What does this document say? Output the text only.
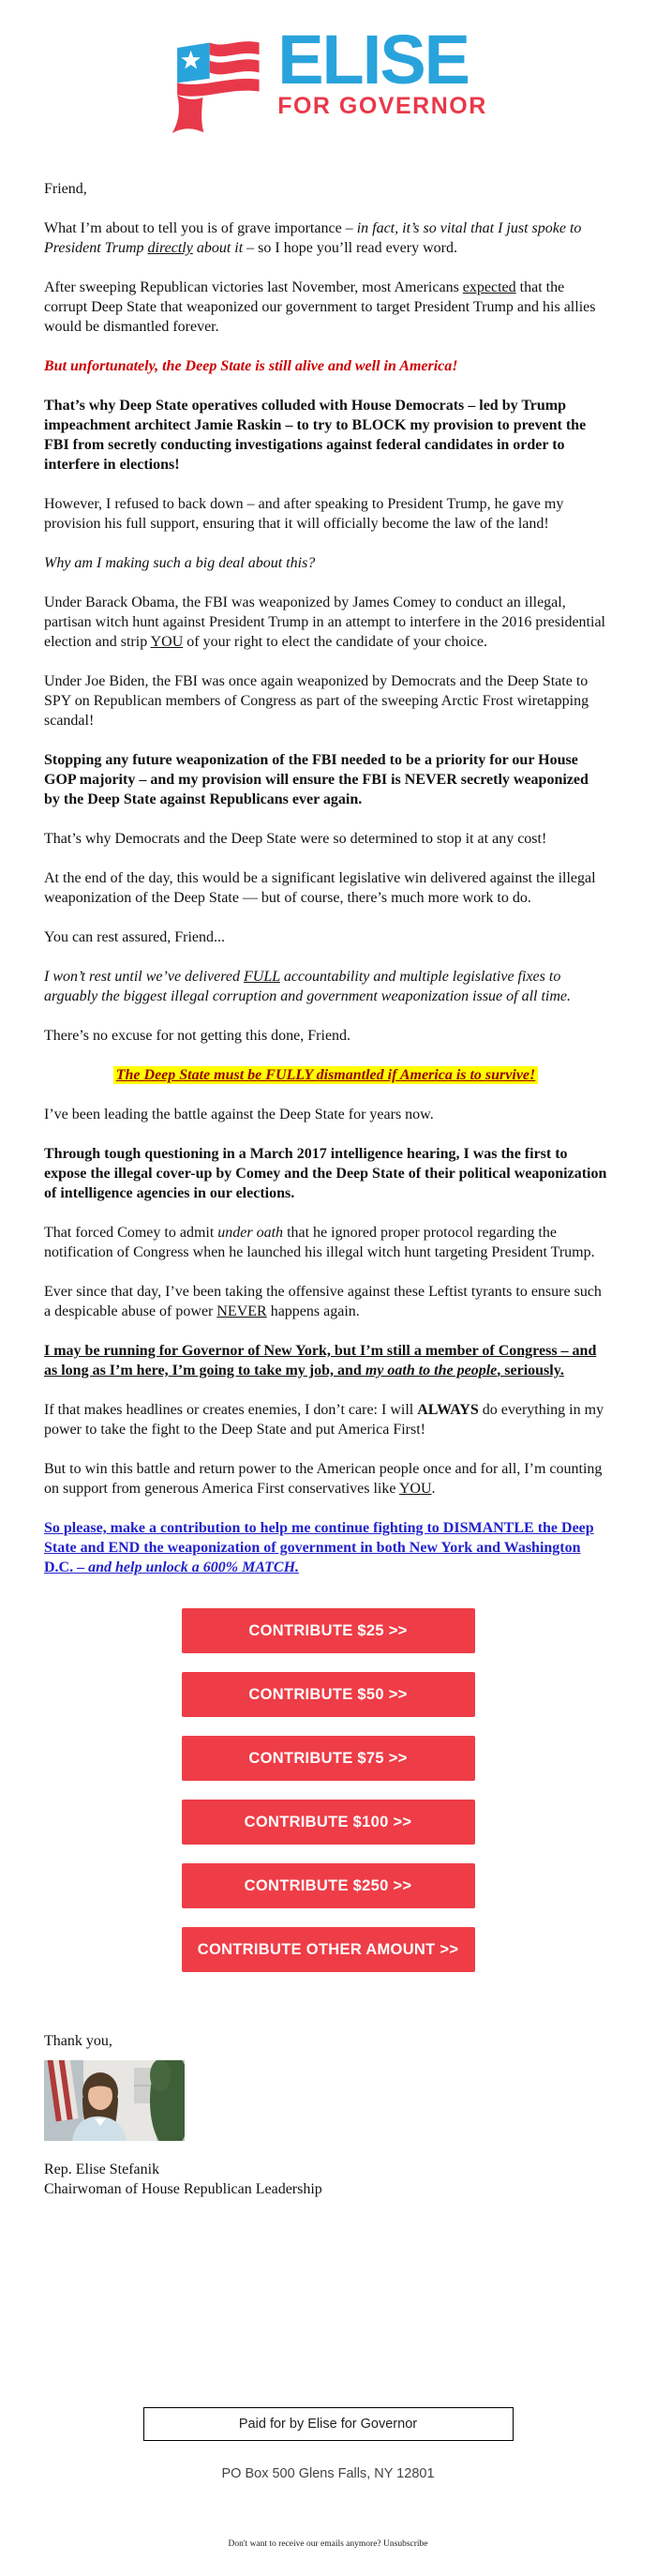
ELISE
FOR GOVERNOR

Friend,

What I’m about to tell you is of grave importance – in fact, it’s so vital that I just spoke to President Trump directly about it – so I hope you’ll read every word.

After sweeping Republican victories last November, most Americans expected that the corrupt Deep State that weaponized our government to target President Trump and his allies would be dismantled forever.

But unfortunately, the Deep State is still alive and well in America!

That’s why Deep State operatives colluded with House Democrats – led by Trump impeachment architect Jamie Raskin – to try to BLOCK my provision to prevent the FBI from secretly conducting investigations against federal candidates in order to interfere in elections!

However, I refused to back down – and after speaking to President Trump, he gave my provision his full support, ensuring that it will officially become the law of the land!

Why am I making such a big deal about this?

Under Barack Obama, the FBI was weaponized by James Comey to conduct an illegal, partisan witch hunt against President Trump in an attempt to interfere in the 2016 presidential election and strip YOU of your right to elect the candidate of your choice.

Under Joe Biden, the FBI was once again weaponized by Democrats and the Deep State to SPY on Republican members of Congress as part of the sweeping Arctic Frost wiretapping scandal!

Stopping any future weaponization of the FBI needed to be a priority for our House GOP majority – and my provision will ensure the FBI is NEVER secretly weaponized by the Deep State against Republicans ever again.

That’s why Democrats and the Deep State were so determined to stop it at any cost!

At the end of the day, this would be a significant legislative win delivered against the illegal weaponization of the Deep State — but of course, there’s much more work to do.

You can rest assured, Friend...

I won’t rest until we’ve delivered FULL accountability and multiple legislative fixes to arguably the biggest illegal corruption and government weaponization issue of all time.

There’s no excuse for not getting this done, Friend.

The Deep State must be FULLY dismantled if America is to survive!

I’ve been leading the battle against the Deep State for years now.

Through tough questioning in a March 2017 intelligence hearing, I was the first to expose the illegal cover-up by Comey and the Deep State of their political weaponization of intelligence agencies in our elections.

That forced Comey to admit under oath that he ignored proper protocol regarding the notification of Congress when he launched his illegal witch hunt targeting President Trump.

Ever since that day, I’ve been taking the offensive against these Leftist tyrants to ensure such a despicable abuse of power NEVER happens again.

I may be running for Governor of New York, but I’m still a member of Congress – and as long as I’m here, I’m going to take my job, and my oath to the people, seriously.

If that makes headlines or creates enemies, I don’t care: I will ALWAYS do everything in my power to take the fight to the Deep State and put America First!

But to win this battle and return power to the American people once and for all, I’m counting on support from generous America First conservatives like YOU.

So please, make a contribution to help me continue fighting to DISMANTLE the Deep State and END the weaponization of government in both New York and Washington D.C. – and help unlock a 600% MATCH.

CONTRIBUTE $25 >>
CONTRIBUTE $50 >>
CONTRIBUTE $75 >>
CONTRIBUTE $100 >>
CONTRIBUTE $250 >>
CONTRIBUTE OTHER AMOUNT >>

Thank you,

Rep. Elise Stefanik

Chairwoman of House Republican Leadership

Paid for by Elise for Governor

PO Box 500 Glens Falls, NY 12801

Don't want to receive our emails anymore? Unsubscribe
